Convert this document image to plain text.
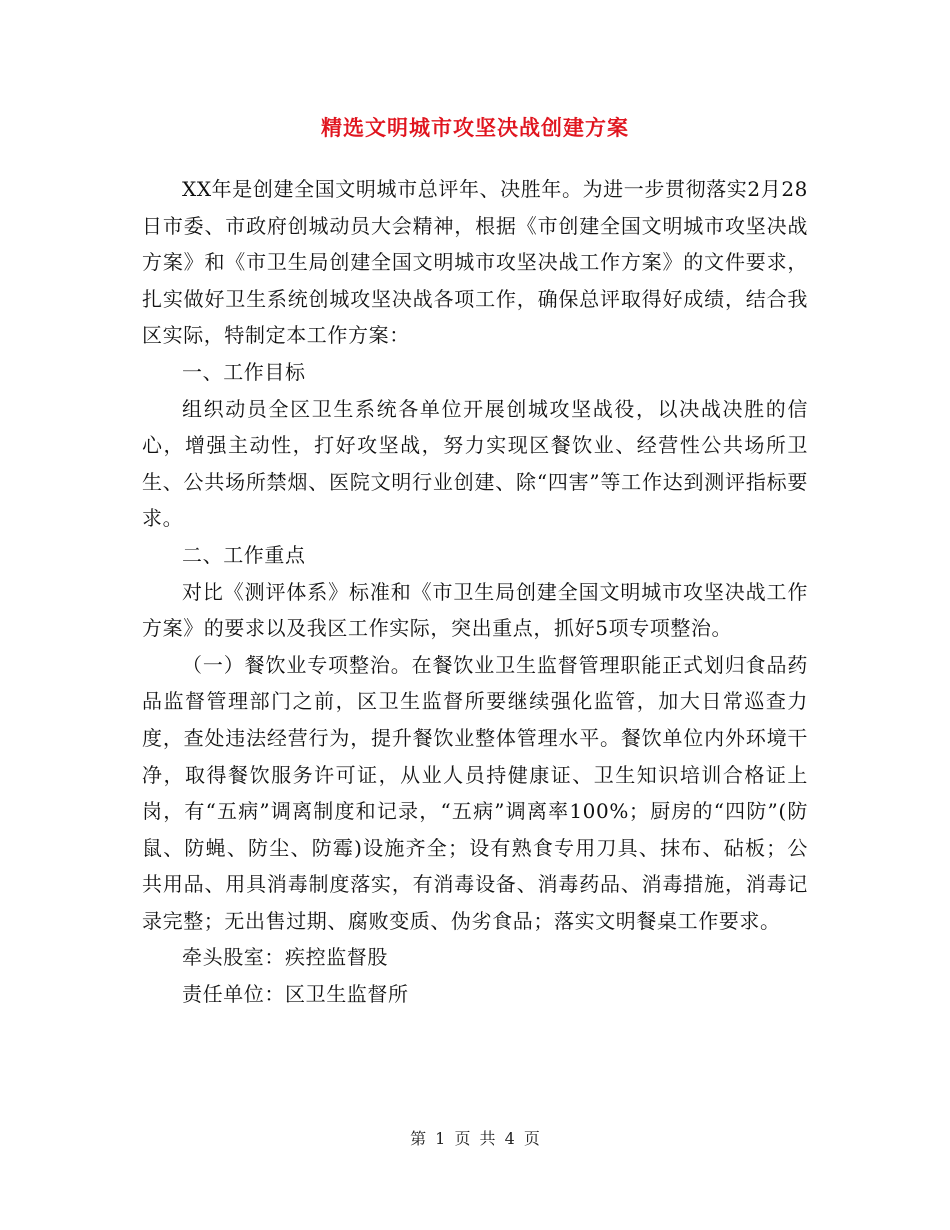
精选文明城市攻坚决战创建方案

XX年是创建全国文明城市总评年、决胜年。为进一步贯彻落实2月28日市委、市政府创城动员大会精神，根据《市创建全国文明城市攻坚决战方案》和《市卫生局创建全国文明城市攻坚决战工作方案》的文件要求，扎实做好卫生系统创城攻坚决战各项工作，确保总评取得好成绩，结合我区实际，特制定本工作方案：

一、工作目标

组织动员全区卫生系统各单位开展创城攻坚战役，以决战决胜的信心，增强主动性，打好攻坚战，努力实现区餐饮业、经营性公共场所卫生、公共场所禁烟、医院文明行业创建、除“四害”等工作达到测评指标要求。

二、工作重点

对比《测评体系》标准和《市卫生局创建全国文明城市攻坚决战工作方案》的要求以及我区工作实际，突出重点，抓好5项专项整治。

（一）餐饮业专项整治。在餐饮业卫生监督管理职能正式划归食品药品监督管理部门之前，区卫生监督所要继续强化监管，加大日常巡查力度，查处违法经营行为，提升餐饮业整体管理水平。餐饮单位内外环境干净，取得餐饮服务许可证，从业人员持健康证、卫生知识培训合格证上岗，有“五病”调离制度和记录，“五病”调离率100%；厨房的“四防”(防鼠、防蝇、防尘、防霉)设施齐全；设有熟食专用刀具、抹布、砧板；公共用品、用具消毒制度落实，有消毒设备、消毒药品、消毒措施，消毒记录完整；无出售过期、腐败变质、伪劣食品；落实文明餐桌工作要求。

牵头股室：疾控监督股

责任单位：区卫生监督所

第 1 页 共 4 页
